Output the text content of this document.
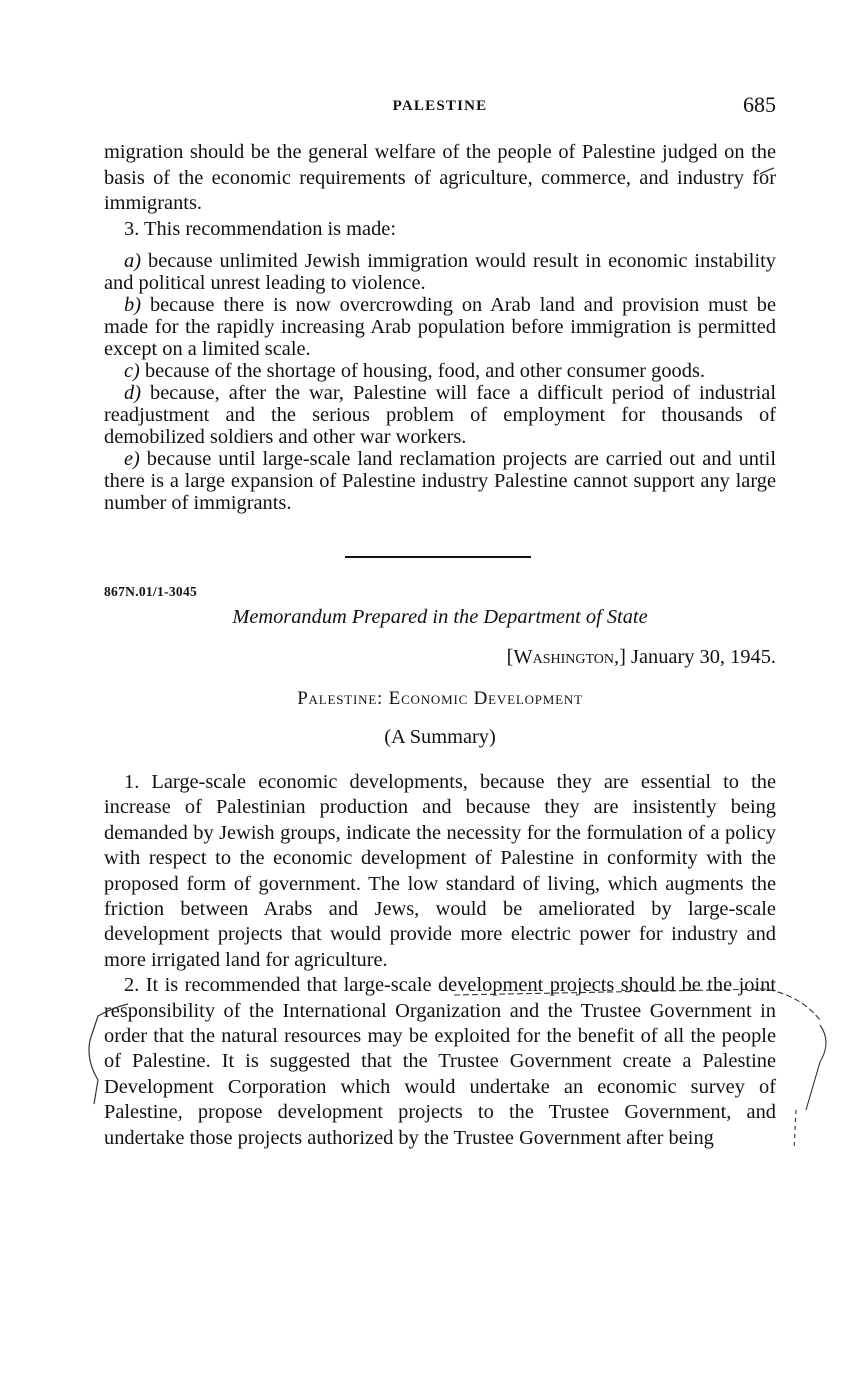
PALESTINE	685

migration should be the general welfare of the people of Palestine judged on the basis of the economic requirements of agriculture, commerce, and industry for immigrants.

3. This recommendation is made:

a) because unlimited Jewish immigration would result in economic instability and political unrest leading to violence.

b) because there is now overcrowding on Arab land and provision must be made for the rapidly increasing Arab population before immigration is permitted except on a limited scale.

c) because of the shortage of housing, food, and other consumer goods.

d) because, after the war, Palestine will face a difficult period of industrial readjustment and the serious problem of employment for thousands of demobilized soldiers and other war workers.

e) because until large-scale land reclamation projects are carried out and until there is a large expansion of Palestine industry Palestine cannot support any large number of immigrants.

867N.01/1-3045
Memorandum Prepared in the Department of State
[Washington,] January 30, 1945.
Palestine: Economic Development
(A Summary)

1. Large-scale economic developments, because they are essential to the increase of Palestinian production and because they are insistently being demanded by Jewish groups, indicate the necessity for the formulation of a policy with respect to the economic development of Palestine in conformity with the proposed form of government. The low standard of living, which augments the friction between Arabs and Jews, would be ameliorated by large-scale development projects that would provide more electric power for industry and more irrigated land for agriculture.

2. It is recommended that large-scale development projects should be the joint responsibility of the International Organization and the Trustee Government in order that the natural resources may be exploited for the benefit of all the people of Palestine. It is suggested that the Trustee Government create a Palestine Development Corporation which would undertake an economic survey of Palestine, propose development projects to the Trustee Government, and undertake those projects authorized by the Trustee Government after being
